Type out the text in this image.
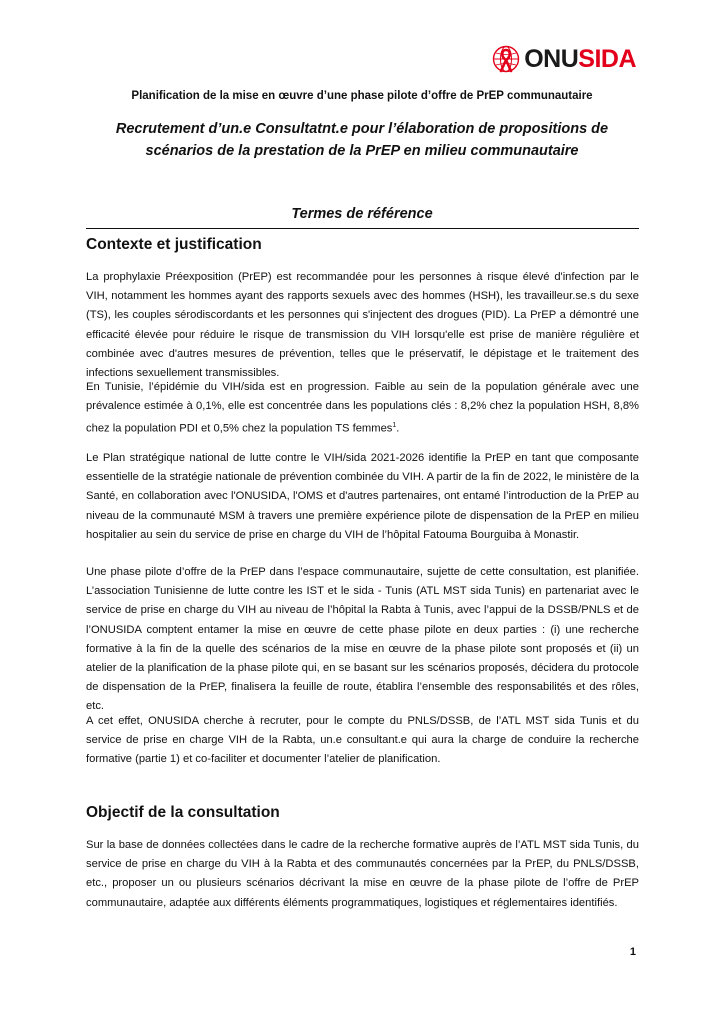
ONUSIDA
Planification de la mise en œuvre d’une phase pilote d’offre de PrEP communautaire
Recrutement d’un.e Consultatnt.e pour l’élaboration de propositions de scénarios de la prestation de la PrEP en milieu communautaire
Termes de référence
Contexte et justification

La prophylaxie Préexposition (PrEP) est recommandée pour les personnes à risque élevé d'infection par le VIH, notamment les hommes ayant des rapports sexuels avec des hommes (HSH), les travailleur.se.s du sexe (TS), les couples sérodiscordants et les personnes qui s'injectent des drogues (PID). La PrEP a démontré une efficacité élevée pour réduire le risque de transmission du VIH lorsqu'elle est prise de manière régulière et combinée avec d'autres mesures de prévention, telles que le préservatif, le dépistage et le traitement des infections sexuellement transmissibles.

En Tunisie, l’épidémie du VIH/sida est en progression. Faible au sein de la population générale avec une prévalence estimée à 0,1%, elle est concentrée dans les populations clés : 8,2% chez la population HSH, 8,8% chez la population PDI et 0,5% chez la population TS femmes$^1$.

Le Plan stratégique national de lutte contre le VIH/sida 2021-2026 identifie la PrEP en tant que composante essentielle de la stratégie nationale de prévention combinée du VIH. A partir de la fin de 2022, le ministère de la Santé, en collaboration avec l'ONUSIDA, l'OMS et d'autres partenaires, ont entamé l’introduction de la PrEP au niveau de la communauté MSM à travers une première expérience pilote de dispensation de la PrEP en milieu hospitalier au sein du service de prise en charge du VIH de l’hôpital Fatouma Bourguiba à Monastir.

Une phase pilote d’offre de la PrEP dans l’espace communautaire, sujette de cette consultation, est planifiée. L’association Tunisienne de lutte contre les IST et le sida - Tunis (ATL MST sida Tunis) en partenariat avec le service de prise en charge du VIH au niveau de l’hôpital la Rabta à Tunis, avec l’appui de la DSSB/PNLS et de l’ONUSIDA comptent entamer la mise en œuvre de cette phase pilote en deux parties : (i) une recherche formative à la fin de la quelle des scénarios de la mise en œuvre de la phase pilote sont proposés et (ii) un atelier de la planification de la phase pilote qui, en se basant sur les scénarios proposés, décidera du protocole de dispensation de la PrEP, finalisera la feuille de route, établira l’ensemble des responsabilités et des rôles, etc.

A cet effet, ONUSIDA cherche à recruter, pour le compte du PNLS/DSSB, de l’ATL MST sida Tunis et du service de prise en charge VIH de la Rabta, un.e consultant.e qui aura la charge de conduire la recherche formative (partie 1) et co-faciliter et documenter l’atelier de planification.

Objectif de la consultation

Sur la base de données collectées dans le cadre de la recherche formative auprès de l’ATL MST sida Tunis, du service de prise en charge du VIH à la Rabta et des communautés concernées par la PrEP, du PNLS/DSSB, etc., proposer un ou plusieurs scénarios décrivant la mise en œuvre de la phase pilote de l’offre de PrEP communautaire, adaptée aux différents éléments programmatiques, logistiques et réglementaires identifiés.

1
